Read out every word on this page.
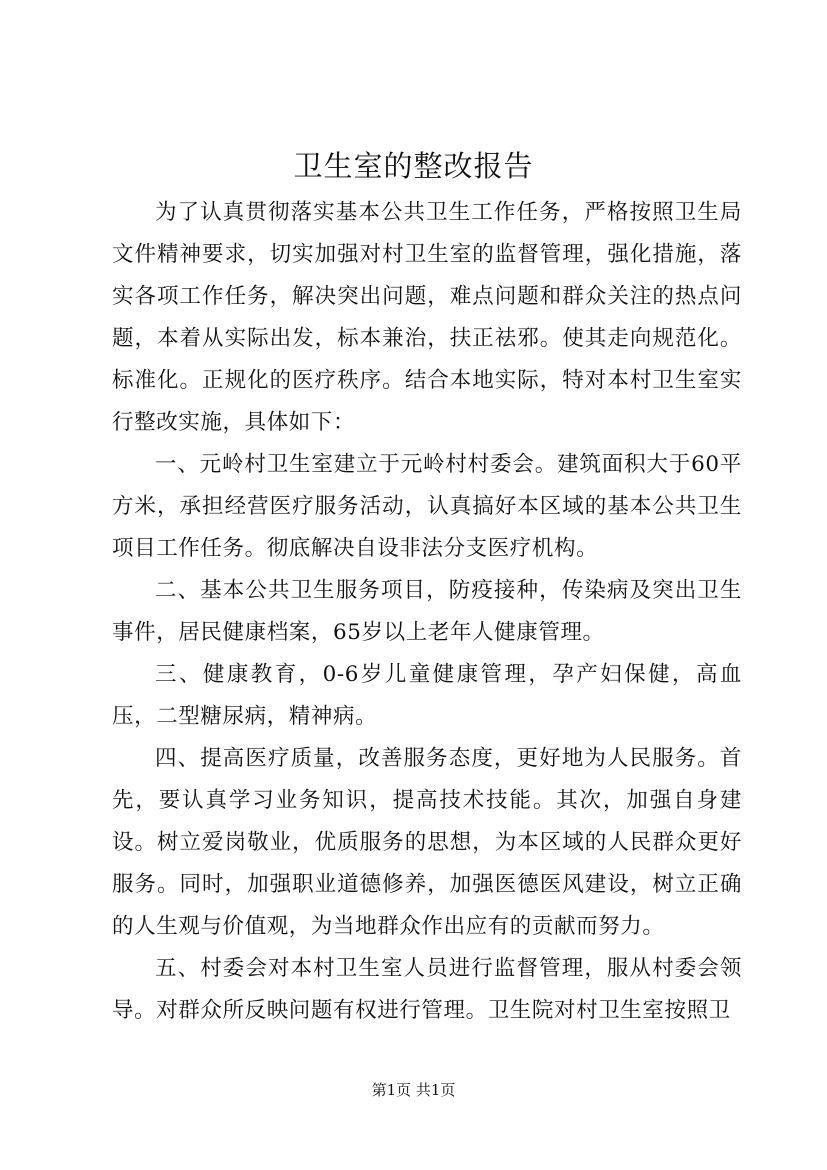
卫生室的整改报告

为了认真贯彻落实基本公共卫生工作任务，严格按照卫生局文件精神要求，切实加强对村卫生室的监督管理，强化措施，落实各项工作任务，解决突出问题，难点问题和群众关注的热点问题，本着从实际出发，标本兼治，扶正祛邪。使其走向规范化。标准化。正规化的医疗秩序。结合本地实际，特对本村卫生室实行整改实施，具体如下：

一、元岭村卫生室建立于元岭村村委会。建筑面积大于60平方米，承担经营医疗服务活动，认真搞好本区域的基本公共卫生项目工作任务。彻底解决自设非法分支医疗机构。

二、基本公共卫生服务项目，防疫接种，传染病及突出卫生事件，居民健康档案，65岁以上老年人健康管理。

三、健康教育，0-6岁儿童健康管理，孕产妇保健，高血压，二型糖尿病，精神病。

四、提高医疗质量，改善服务态度，更好地为人民服务。首先，要认真学习业务知识，提高技术技能。其次，加强自身建设。树立爱岗敬业，优质服务的思想，为本区域的人民群众更好服务。同时，加强职业道德修养，加强医德医风建设，树立正确的人生观与价值观，为当地群众作出应有的贡献而努力。

五、村委会对本村卫生室人员进行监督管理，服从村委会领导。对群众所反映问题有权进行管理。卫生院对村卫生室按照卫

第1页 共1页
